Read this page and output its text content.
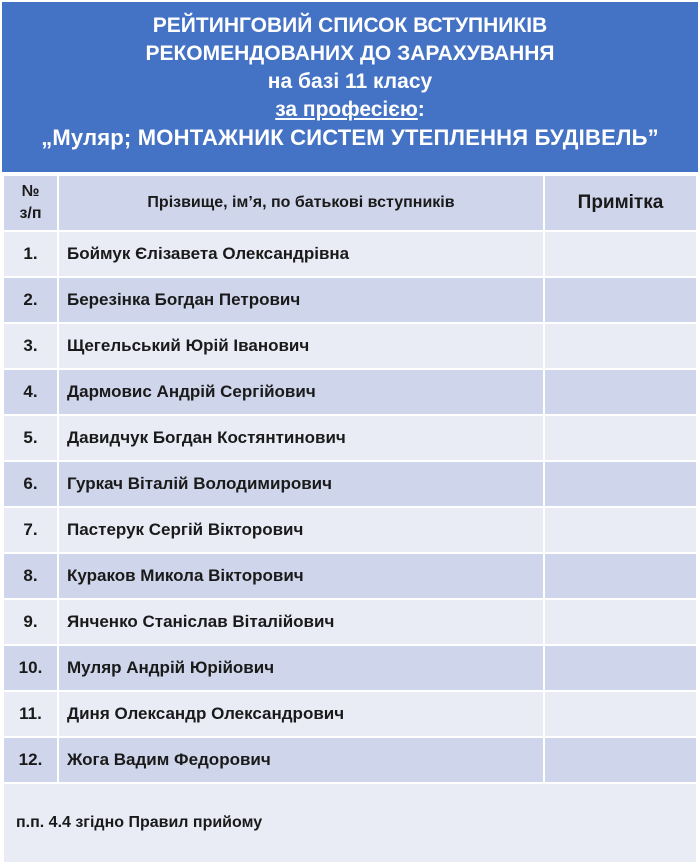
РЕЙТИНГОВИЙ СПИСОК ВСТУПНИКІВ
РЕКОМЕНДОВАНИХ ДО ЗАРАХУВАННЯ
на базі 11 класу
за професією:
„Муляр; МОНТАЖНИК СИСТЕМ УТЕПЛЕННЯ БУДІВЕЛЬ”
№
з/п	Прізвище, ім’я, по батькові вступників	Примітка
1.	Боймук Єлізавета Олександрівна	
2.	Березінка Богдан Петрович	
3.	Щегельський Юрій Іванович	
4.	Дармовис Андрій Сергійович	
5.	Давидчук Богдан Костянтинович	
6.	Гуркач Віталій Володимирович	
7.	Пастерук Сергій Вікторович	
8.	Кураков Микола Вікторович	
9.	Янченко Станіслав Віталійович	
10.	Муляр Андрій Юрійович	
11.	Диня Олександр Олександрович	
12.	Жога Вадим Федорович	
п.п. 4.4 згідно Правил прийому		
